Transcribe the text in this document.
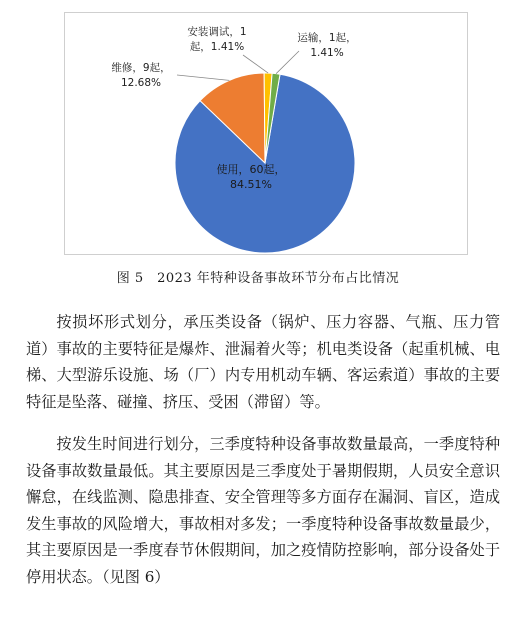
使用，60起，
84.51%
维修，9起，
12.68%
安装调试，1
起，1.41%
运输，1起，
1.41%
图 5　2023 年特种设备事故环节分布占比情况

按损坏形式划分，承压类设备（锅炉、压力容器、气瓶、压力管道）事故的主要特征是爆炸、泄漏着火等；机电类设备（起重机械、电梯、大型游乐设施、场（厂）内专用机动车辆、客运索道）事故的主要特征是坠落、碰撞、挤压、受困（滞留）等。

按发生时间进行划分，三季度特种设备事故数量最高，一季度特种设备事故数量最低。其主要原因是三季度处于暑期假期，人员安全意识懈怠，在线监测、隐患排查、安全管理等多方面存在漏洞、盲区，造成发生事故的风险增大，事故相对多发；一季度特种设备事故数量最少，其主要原因是一季度春节休假期间，加之疫情防控影响，部分设备处于停用状态。（见图 6）
